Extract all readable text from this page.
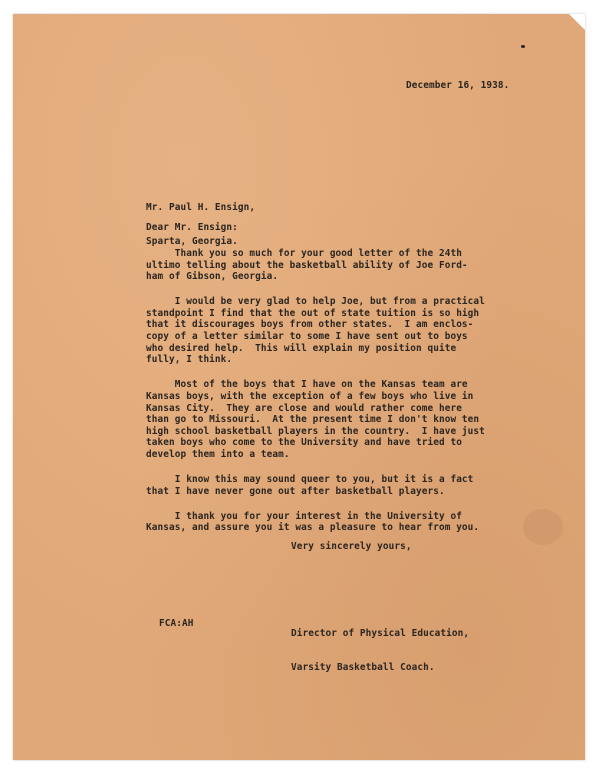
December 16, 1938.

Mr. Paul H. Ensign,

Sparta, Georgia.

Dear Mr. Ensign:
Thank you so much for your good letter of the 24th
ultimo telling about the basketball ability of Joe Ford-
ham of Gibson, Georgia.
I would be very glad to help Joe, but from a practical
standpoint I find that the out of state tuition is so high
that it discourages boys from other states.  I am enclos-
copy of a letter similar to some I have sent out to boys
who desired help.  This will explain my position quite
fully, I think.
Most of the boys that I have on the Kansas team are
Kansas boys, with the exception of a few boys who live in
Kansas City.  They are close and would rather come here
than go to Missouri.  At the present time I don't know ten
high school basketball players in the country.  I have just
taken boys who come to the University and have tried to
develop them into a team.
I know this may sound queer to you, but it is a fact
that I have never gone out after basketball players.
I thank you for your interest in the University of
Kansas, and assure you it was a pleasure to hear from you.
Very sincerely yours,

Director of Physical Education,

Varsity Basketball Coach.

FCA:AH
